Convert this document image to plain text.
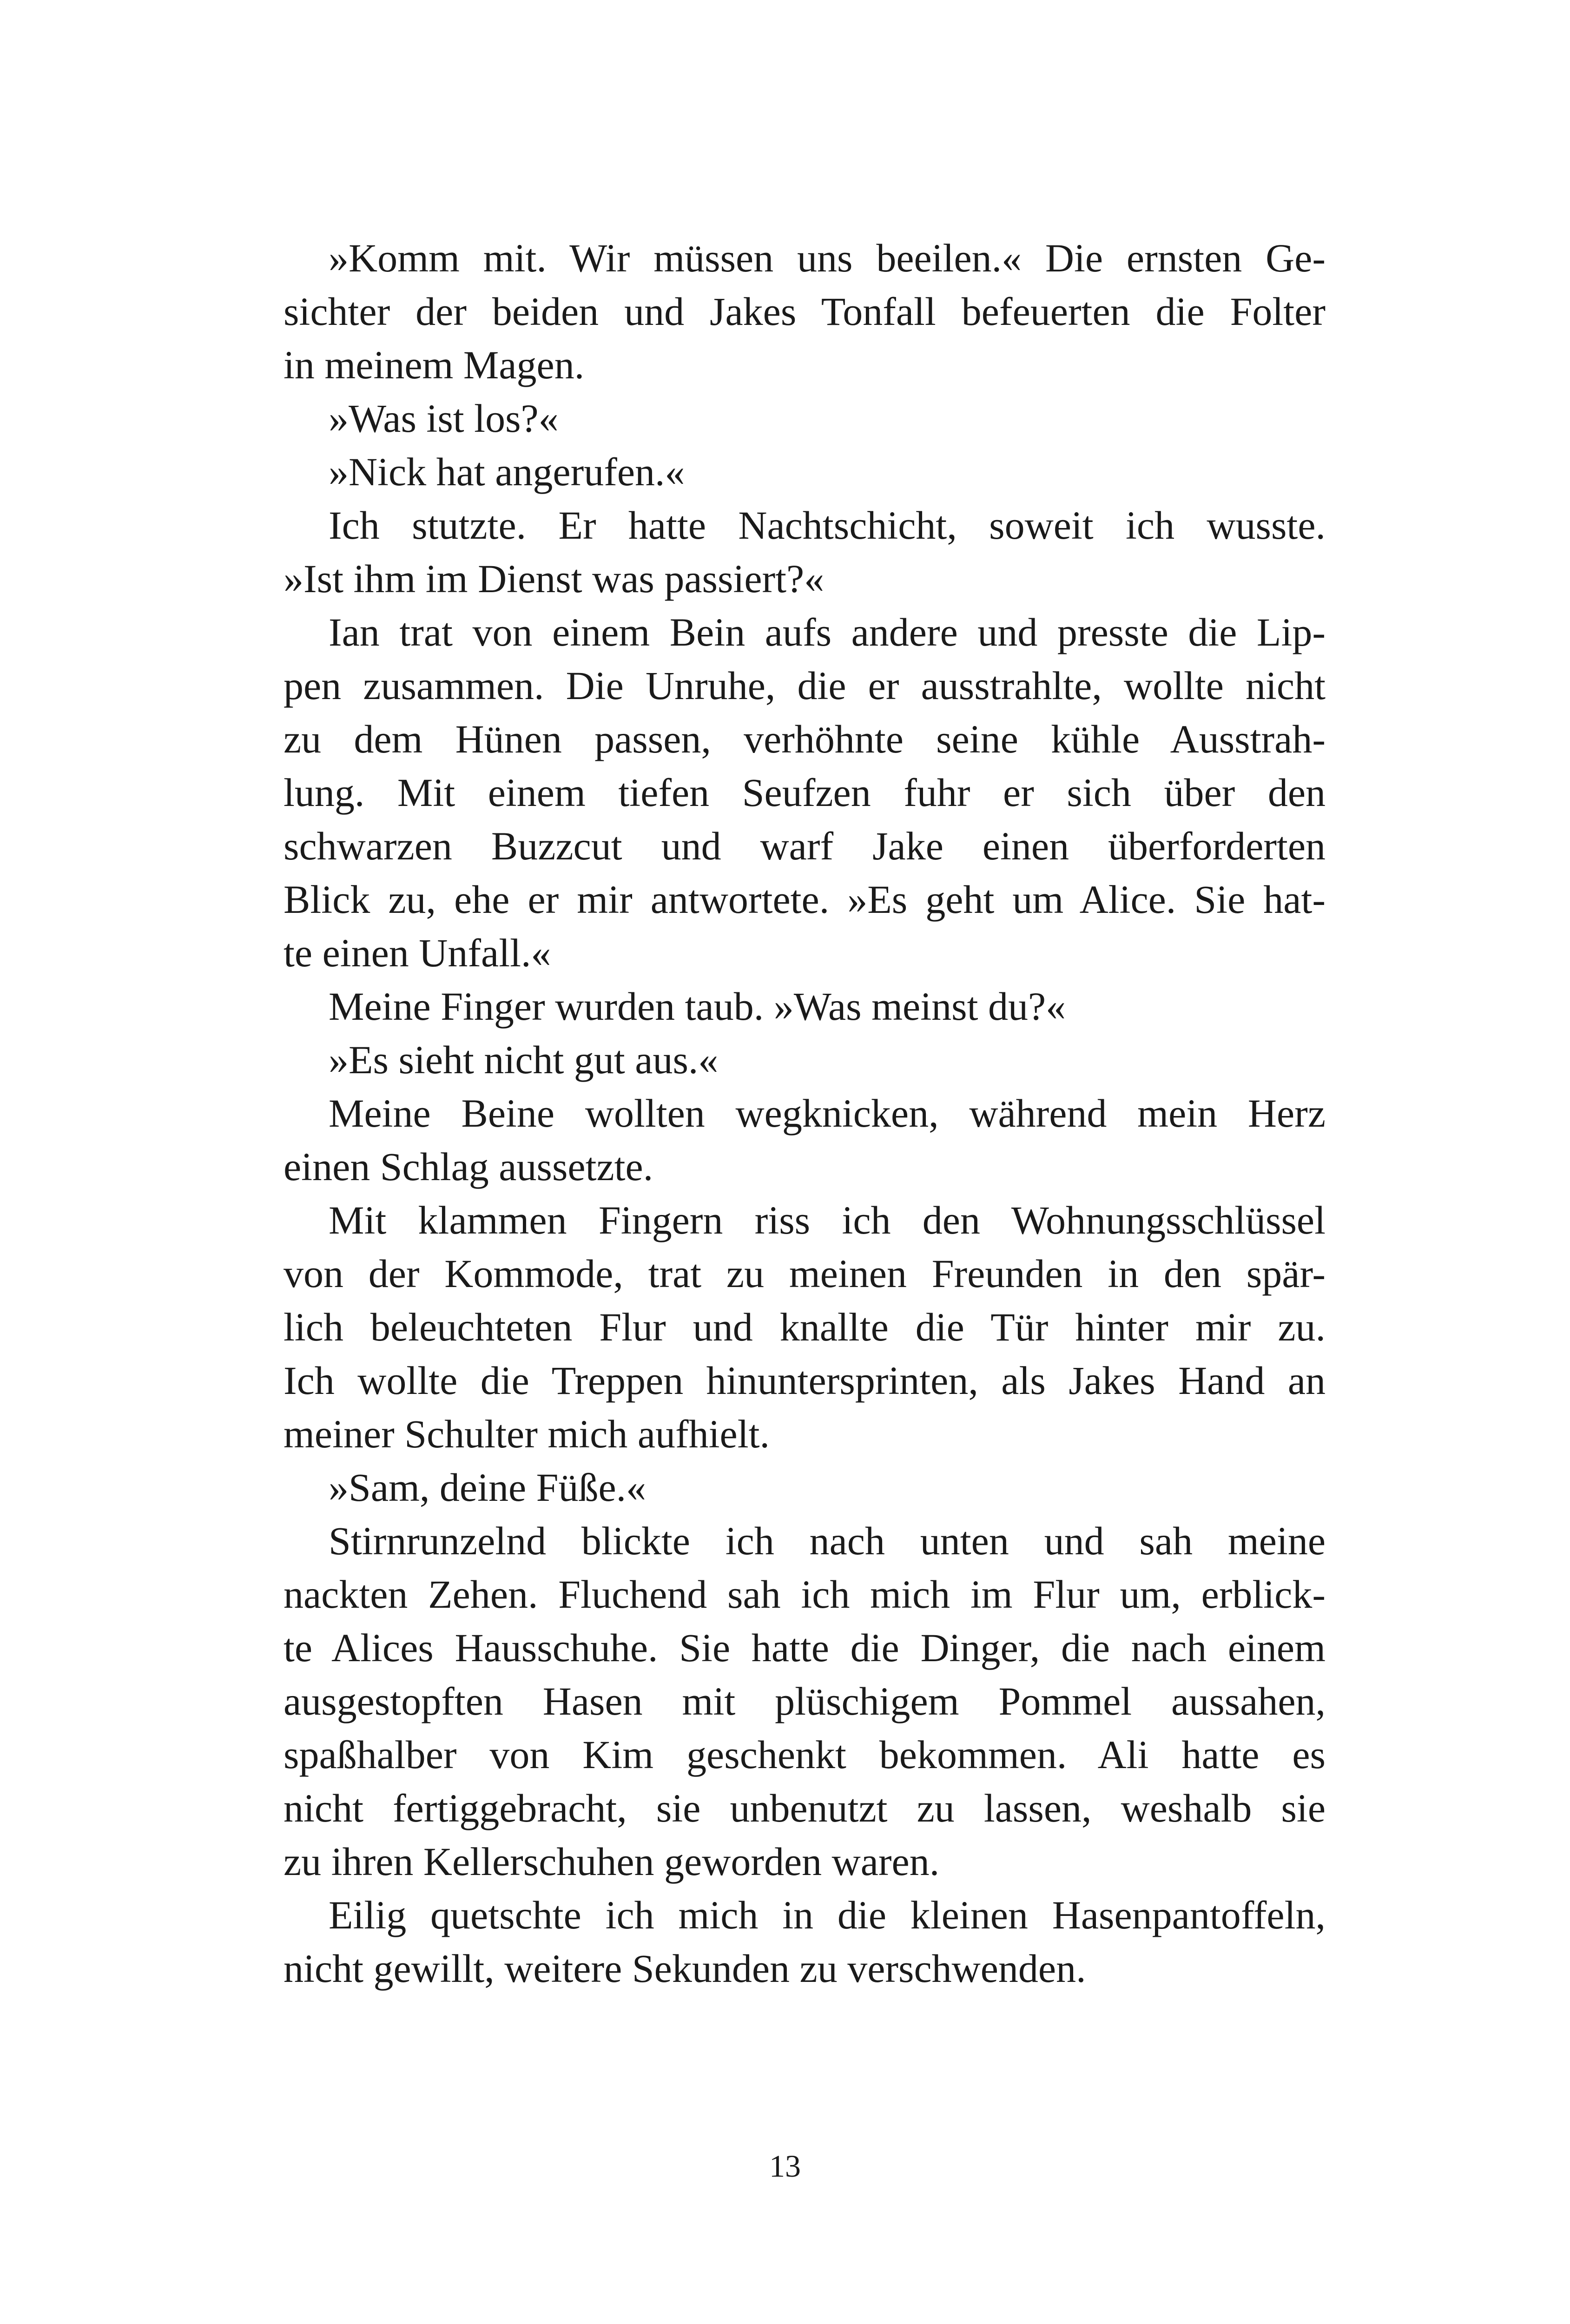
»Komm mit. Wir müssen uns beeilen.« Die ernsten Ge-
sichter der beiden und Jakes Tonfall befeuerten die Folter
in meinem Magen.
»Was ist los?«
»Nick hat angerufen.«
Ich stutzte. Er hatte Nachtschicht, soweit ich wusste.
»Ist ihm im Dienst was passiert?«
Ian trat von einem Bein aufs andere und presste die Lip-
pen zusammen. Die Unruhe, die er ausstrahlte, wollte nicht
zu dem Hünen passen, verhöhnte seine kühle Ausstrah-
lung. Mit einem tiefen Seufzen fuhr er sich über den
schwarzen Buzzcut und warf Jake einen überforderten
Blick zu, ehe er mir antwortete. »Es geht um Alice. Sie hat-
te einen Unfall.«
Meine Finger wurden taub. »Was meinst du?«
»Es sieht nicht gut aus.«
Meine Beine wollten wegknicken, während mein Herz
einen Schlag aussetzte.
Mit klammen Fingern riss ich den Wohnungsschlüssel
von der Kommode, trat zu meinen Freunden in den spär-
lich beleuchteten Flur und knallte die Tür hinter mir zu.
Ich wollte die Treppen hinuntersprinten, als Jakes Hand an
meiner Schulter mich aufhielt.
»Sam, deine Füße.«
Stirnrunzelnd blickte ich nach unten und sah meine
nackten Zehen. Fluchend sah ich mich im Flur um, erblick-
te Alices Hausschuhe. Sie hatte die Dinger, die nach einem
ausgestopften Hasen mit plüschigem Pommel aussahen,
spaßhalber von Kim geschenkt bekommen. Ali hatte es
nicht fertiggebracht, sie unbenutzt zu lassen, weshalb sie
zu ihren Kellerschuhen geworden waren.
Eilig quetschte ich mich in die kleinen Hasenpantoffeln,
nicht gewillt, weitere Sekunden zu verschwenden.
13
